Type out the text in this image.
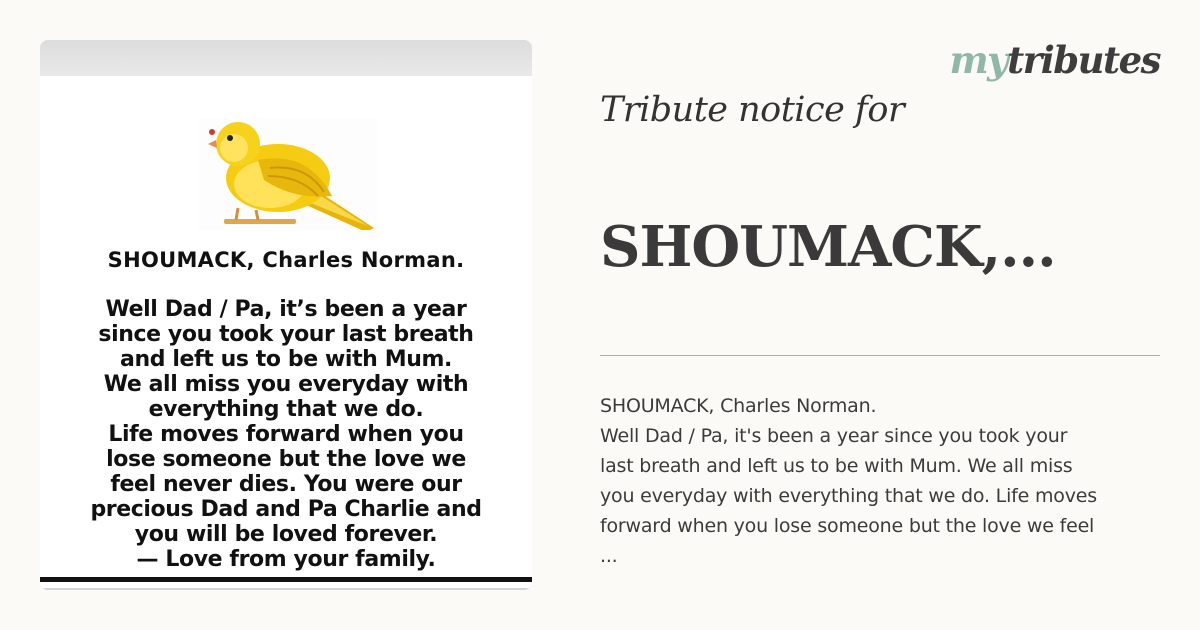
SHOUMACK, Charles Norman.
Well Dad / Pa, it’s been a year
since you took your last breath
and left us to be with Mum.
We all miss you everyday with
everything that we do.
Life moves forward when you
lose someone but the love we
feel never dies. You were our
precious Dad and Pa Charlie and
you will be loved forever.
— Love from your family.
mytributes
Tribute notice for
SHOUMACK,...
SHOUMACK, Charles Norman.
Well Dad / Pa, it's been a year since you took your
last breath and left us to be with Mum. We all miss
you everyday with everything that we do. Life moves
forward when you lose someone but the love we feel
...
